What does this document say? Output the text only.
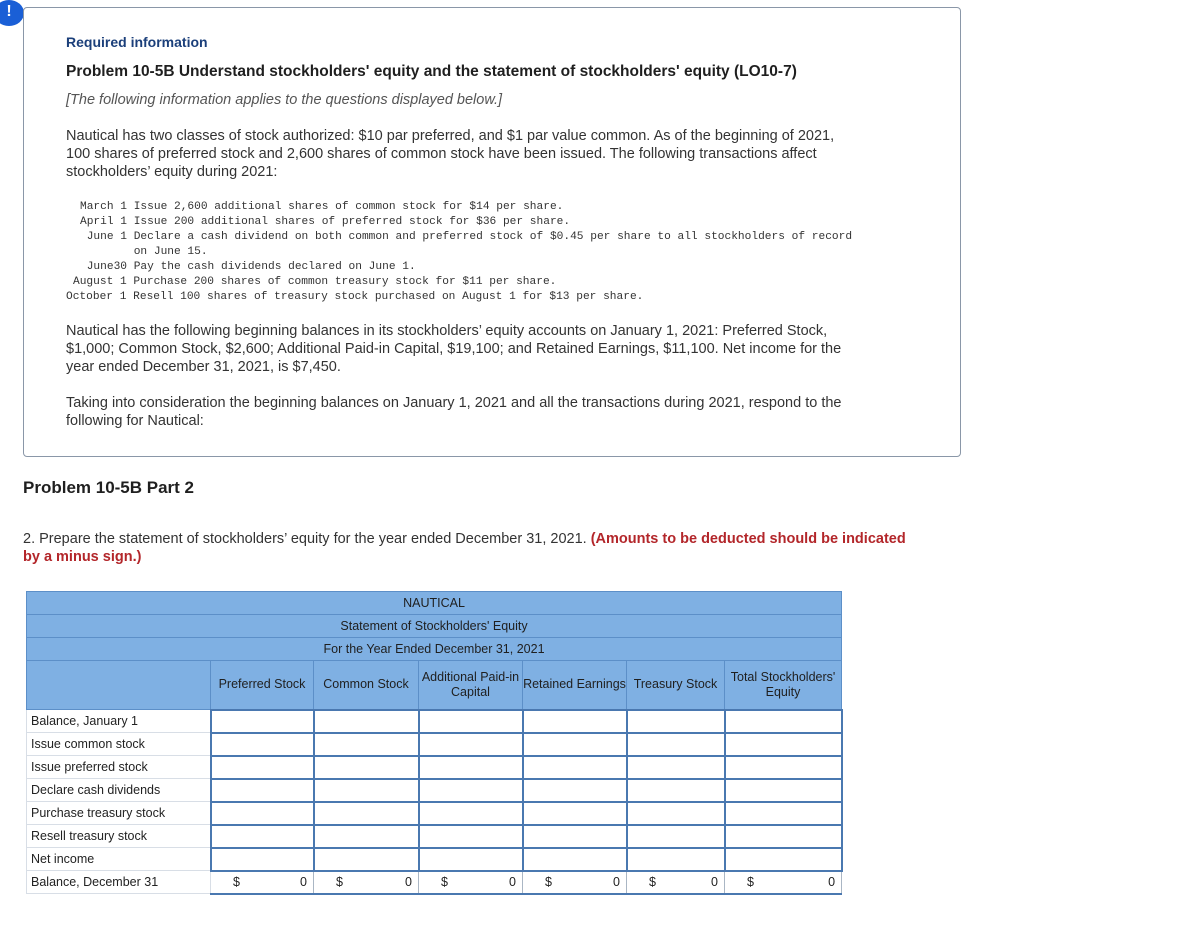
!
Required information
Problem 10-5B Understand stockholders' equity and the statement of stockholders' equity (LO10-7)
[The following information applies to the questions displayed below.]
Nautical has two classes of stock authorized: $10 par preferred, and $1 par value common. As of the beginning of 2021,
100 shares of preferred stock and 2,600 shares of common stock have been issued. The following transactions affect
stockholders’ equity during 2021:
March 1 Issue 2,600 additional shares of common stock for $14 per share.
April 1 Issue 200 additional shares of preferred stock for $36 per share.
June 1 Declare a cash dividend on both common and preferred stock of $0.45 per share to all stockholders of record
on June 15.
June30 Pay the cash dividends declared on June 1.
August 1 Purchase 200 shares of common treasury stock for $11 per share.
October 1 Resell 100 shares of treasury stock purchased on August 1 for $13 per share.
Nautical has the following beginning balances in its stockholders’ equity accounts on January 1, 2021: Preferred Stock,
$1,000; Common Stock, $2,600; Additional Paid-in Capital, $19,100; and Retained Earnings, $11,100. Net income for the
year ended December 31, 2021, is $7,450.
Taking into consideration the beginning balances on January 1, 2021 and all the transactions during 2021, respond to the
following for Nautical:
Problem 10-5B Part 2
2. Prepare the statement of stockholders’ equity for the year ended December 31, 2021. (Amounts to be deducted should be indicated by a minus sign.)
NAUTICAL						
Statement of Stockholders' Equity						
For the Year Ended December 31, 2021						
	Preferred Stock	Common Stock	Additional Paid-in Capital	Retained Earnings	Treasury Stock	Total Stockholders' Equity
Balance, January 1						
Issue common stock						
Issue preferred stock						
Declare cash dividends						
Purchase treasury stock						
Resell treasury stock						
Net income						
Balance, December 31	$ 0	$ 0	$ 0	$ 0	$ 0	$ 0
